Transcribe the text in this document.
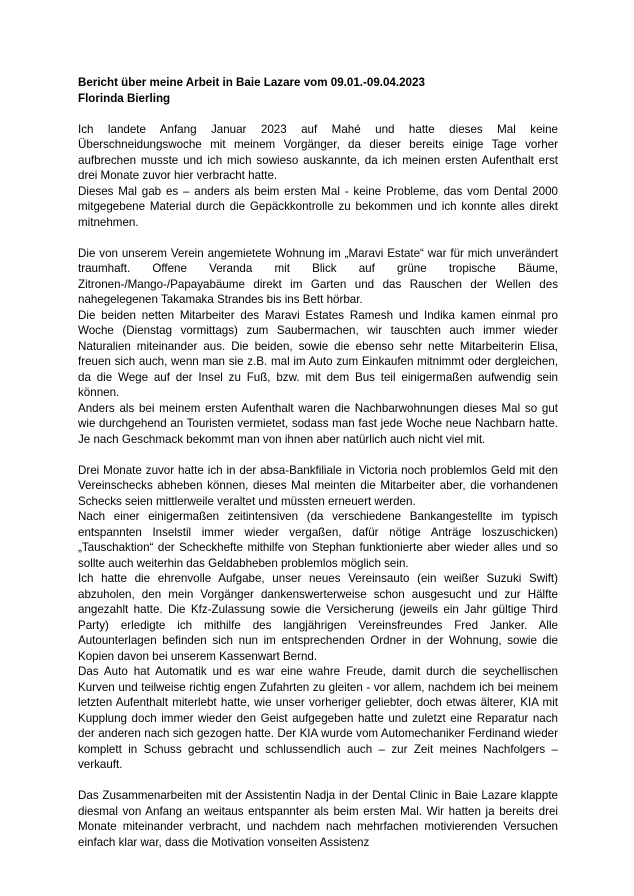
Bericht über meine Arbeit in Baie Lazare vom 09.01.-09.04.2023

Florinda Bierling

Ich landete Anfang Januar 2023 auf Mahé und hatte dieses Mal keine Überschneidungswoche mit meinem Vorgänger, da dieser bereits einige Tage vorher aufbrechen musste und ich mich sowieso auskannte, da ich meinen ersten Aufenthalt erst drei Monate zuvor hier verbracht hatte.

Dieses Mal gab es – anders als beim ersten Mal - keine Probleme, das vom Dental 2000 mitgegebene Material durch die Gepäckkontrolle zu bekommen und ich konnte alles direkt mitnehmen.

Die von unserem Verein angemietete Wohnung im „Maravi Estate“ war für mich unverändert traumhaft. Offene Veranda mit Blick auf grüne tropische Bäume, Zitronen-/Mango-/Papayabäume direkt im Garten und das Rauschen der Wellen des nahegelegenen Takamaka Strandes bis ins Bett hörbar.

Die beiden netten Mitarbeiter des Maravi Estates Ramesh und Indika kamen einmal pro Woche (Dienstag vormittags) zum Saubermachen, wir tauschten auch immer wieder Naturalien miteinander aus. Die beiden, sowie die ebenso sehr nette Mitarbeiterin Elisa, freuen sich auch, wenn man sie z.B. mal im Auto zum Einkaufen mitnimmt oder dergleichen, da die Wege auf der Insel zu Fuß, bzw. mit dem Bus teil einigermaßen aufwendig sein können.

Anders als bei meinem ersten Aufenthalt waren die Nachbarwohnungen dieses Mal so gut wie durchgehend an Touristen vermietet, sodass man fast jede Woche neue Nachbarn hatte. Je nach Geschmack bekommt man von ihnen aber natürlich auch nicht viel mit.

Drei Monate zuvor hatte ich in der absa-Bankfiliale in Victoria noch problemlos Geld mit den Vereinschecks abheben können, dieses Mal meinten die Mitarbeiter aber, die vorhandenen Schecks seien mittlerweile veraltet und müssten erneuert werden.

Nach einer einigermaßen zeitintensiven (da verschiedene Bankangestellte im typisch entspannten Inselstil immer wieder vergaßen, dafür nötige Anträge loszuschicken) „Tauschaktion“ der Scheckhefte mithilfe von Stephan funktionierte aber wieder alles und so sollte auch weiterhin das Geldabheben problemlos möglich sein.

Ich hatte die ehrenvolle Aufgabe, unser neues Vereinsauto (ein weißer Suzuki Swift) abzuholen, den mein Vorgänger dankenswerterweise schon ausgesucht und zur Hälfte angezahlt hatte. Die Kfz-Zulassung sowie die Versicherung (jeweils ein Jahr gültige Third Party) erledigte ich mithilfe des langjährigen Vereinsfreundes Fred Janker. Alle Autounterlagen befinden sich nun im entsprechenden Ordner in der Wohnung, sowie die Kopien davon bei unserem Kassenwart Bernd.

Das Auto hat Automatik und es war eine wahre Freude, damit durch die seychellischen Kurven und teilweise richtig engen Zufahrten zu gleiten - vor allem, nachdem ich bei meinem letzten Aufenthalt miterlebt hatte, wie unser vorheriger geliebter, doch etwas älterer, KIA mit Kupplung doch immer wieder den Geist aufgegeben hatte und zuletzt eine Reparatur nach der anderen nach sich gezogen hatte. Der KIA wurde vom Automechaniker Ferdinand wieder komplett in Schuss gebracht und schlussendlich auch – zur Zeit meines Nachfolgers – verkauft.

Das Zusammenarbeiten mit der Assistentin Nadja in der Dental Clinic in Baie Lazare klappte diesmal von Anfang an weitaus entspannter als beim ersten Mal. Wir hatten ja bereits drei Monate miteinander verbracht, und nachdem nach mehrfachen motivierenden Versuchen einfach klar war, dass die Motivation vonseiten Assistenz
